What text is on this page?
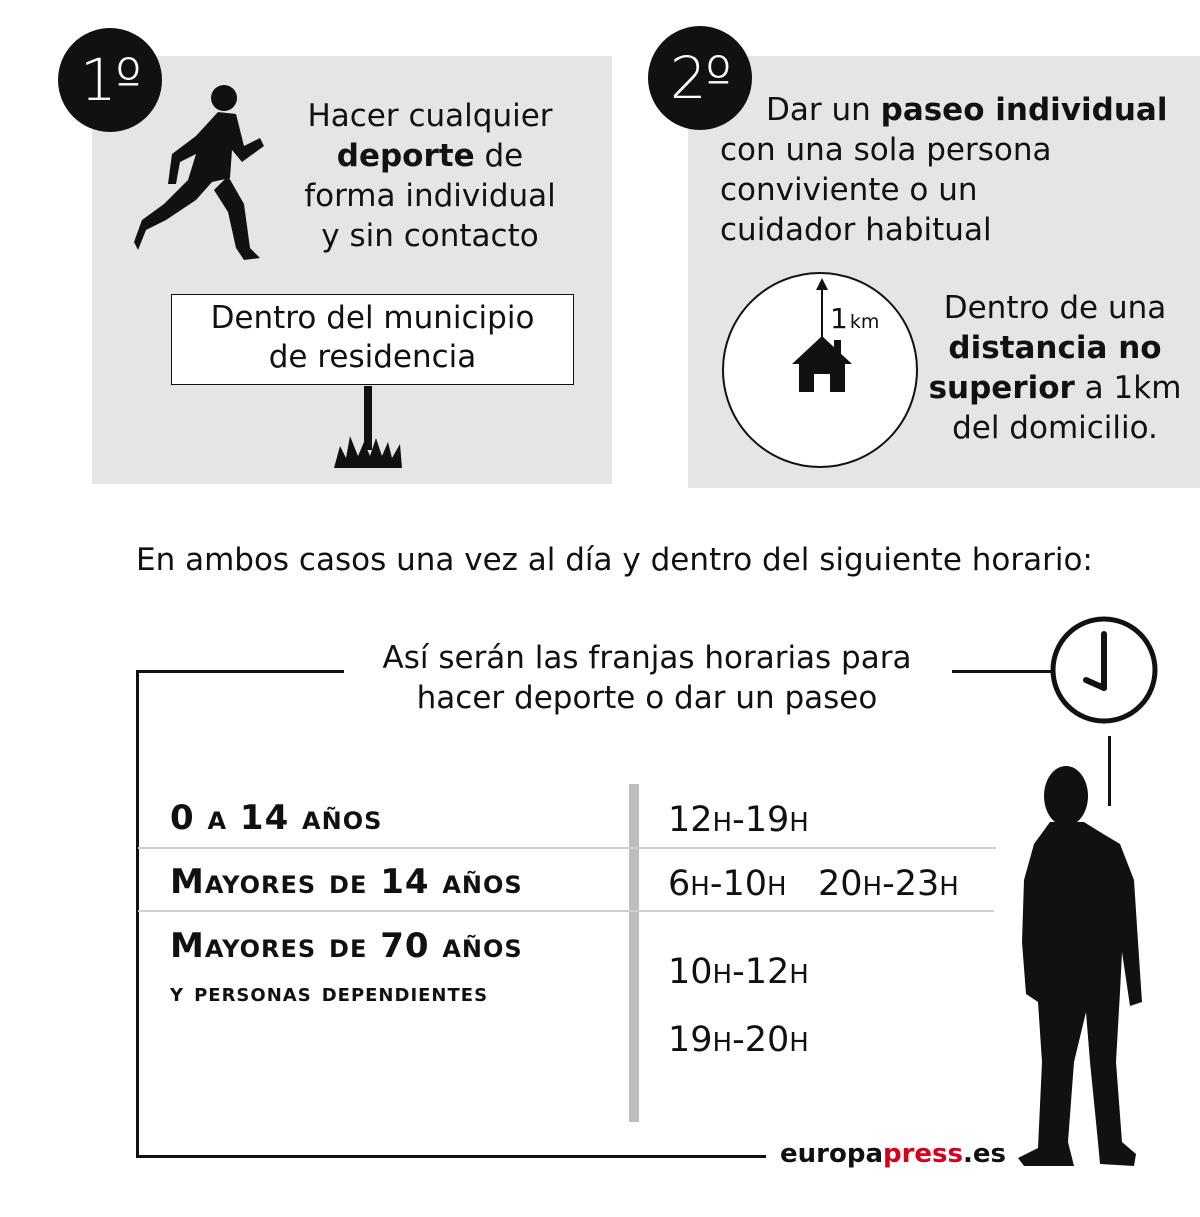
1º
Hacer cualquier
deporte de
forma individual
y sin contacto
Dentro del municipio
de residencia
2º	Dar un paseo individual
con una sola persona
conviviente o un
cuidador habitual
1 km	Dentro de una
distancia no
superior a 1km
del domicilio.
En ambos casos una vez al día y dentro del siguiente horario:
Así serán las franjas horarias para
hacer deporte o dar un paseo
0 a 14 años
Mayores de 14 años
Mayores de 70 años
y personas dependientes
12H-19H
6H-10H 20H-23H
10H-12H
19H-20H
europapress.es
